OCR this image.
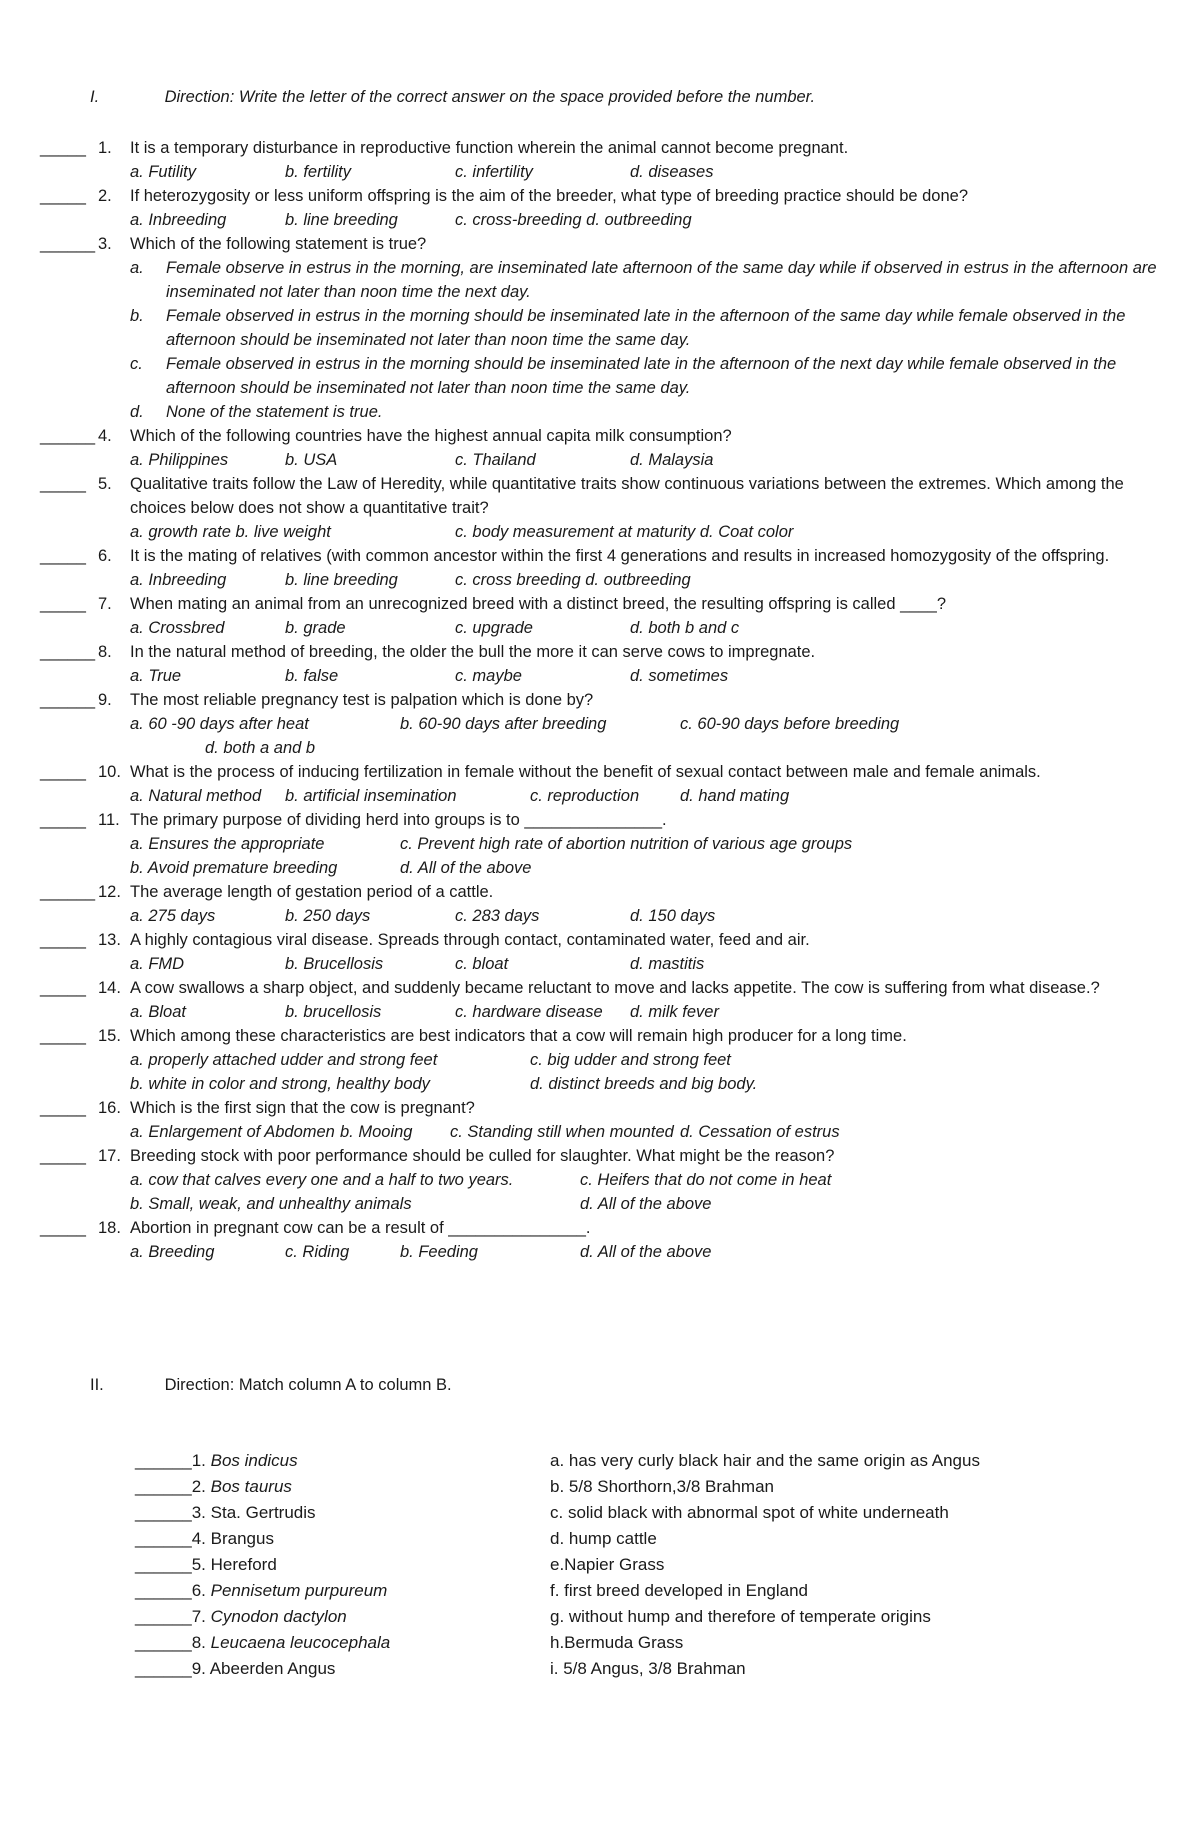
I.	Direction: Write the letter of the correct answer on the space provided before the number.
_____ 1.	It is a temporary disturbance in reproductive function wherein the animal cannot become pregnant.
a. Futility	b. fertility	c. infertility	d. diseases
_____ 2.	If heterozygosity or less uniform offspring is the aim of the breeder, what type of breeding practice should be done?
a. Inbreeding	b. line breeding	c. cross-breeding d. outbreeding
______ 3.	Which of the following statement is true?
a.	Female observe in estrus in the morning, are inseminated late afternoon of the same day while if observed in estrus in the afternoon are inseminated not later than noon time the next day.
b.	Female observed in estrus in the morning should be inseminated late in the afternoon of the same day while female observed in the afternoon should be inseminated not later than noon time the same day.
c.	Female observed in estrus in the morning should be inseminated late in the afternoon of the next day while female observed in the afternoon should be inseminated not later than noon time the same day.
d.	None of the statement is true.
______ 4.	Which of the following countries have the highest annual capita milk consumption?
a. Philippines	b. USA	c. Thailand	d. Malaysia
_____ 5.	Qualitative traits follow the Law of Heredity, while quantitative traits show continuous variations between the extremes. Which among the choices below does not show a quantitative trait?
a. growth rate b. live weight	c. body measurement at maturity d. Coat color
_____ 6.	It is the mating of relatives (with common ancestor within the first 4 generations and results in increased homozygosity of the offspring.
a. Inbreeding	b. line breeding	c. cross breeding d. outbreeding
_____ 7.	When mating an animal from an unrecognized breed with a distinct breed, the resulting offspring is called ____?
a. Crossbred	b. grade	c. upgrade	d. both b and c
______ 8.	In the natural method of breeding, the older the bull the more it can serve cows to impregnate.
a. True	b. false	c. maybe	d. sometimes
______ 9.	The most reliable pregnancy test is palpation which is done by?
a. 60 -90 days after heat	b. 60-90 days after breeding	c. 60-90 days before breeding
d. both a and b
_____ 10. What is the process of inducing fertilization in female without the benefit of sexual contact between male and female animals.
a. Natural method b. artificial insemination	c. reproduction d. hand mating
_____ 11. The primary purpose of dividing herd into groups is to _______________.
a. Ensures the appropriate	c. Prevent high rate of abortion nutrition of various age groups
b. Avoid premature breeding	d. All of the above
______ 12. The average length of gestation period of a cattle.
a. 275 days	b. 250 days	c. 283 days	d. 150 days
_____ 13. A highly contagious viral disease. Spreads through contact, contaminated water, feed and air.
a. FMD	b. Brucellosis	c. bloat	d. mastitis
_____ 14. A cow swallows a sharp object, and suddenly became reluctant to move and lacks appetite. The cow is suffering from what disease.?
a. Bloat	b. brucellosis	c. hardware disease d. milk fever
_____ 15. Which among these characteristics are best indicators that a cow will remain high producer for a long time.
a. properly attached udder and strong feet	c. big udder and strong feet
b. white in color and strong, healthy body	d. distinct breeds and big body.
_____ 16. Which is the first sign that the cow is pregnant?
a. Enlargement of Abdomen b. Mooing c. Standing still when mounted d. Cessation of estrus
_____ 17. Breeding stock with poor performance should be culled for slaughter. What might be the reason?
a. cow that calves every one and a half to two years.	c. Heifers that do not come in heat
b. Small, weak, and unhealthy animals	d. All of the above
_____ 18. Abortion in pregnant cow can be a result of _______________.
a. Breeding	c. Riding	b. Feeding	d. All of the above
II.	Direction: Match column A to column B.
______1. Bos indicus	a. has very curly black hair and the same origin as Angus
______2. Bos taurus	b. 5/8 Shorthorn,3/8 Brahman
______3. Sta. Gertrudis	c. solid black with abnormal spot of white underneath
______4. Brangus	d. hump cattle
______5. Hereford	e.Napier Grass
______6. Pennisetum purpureum	f. first breed developed in England
______7. Cynodon dactylon	g. without hump and therefore of temperate origins
______8. Leucaena leucocephala	h.Bermuda Grass
______9. Abeerden Angus	i. 5/8 Angus, 3/8 Brahman
